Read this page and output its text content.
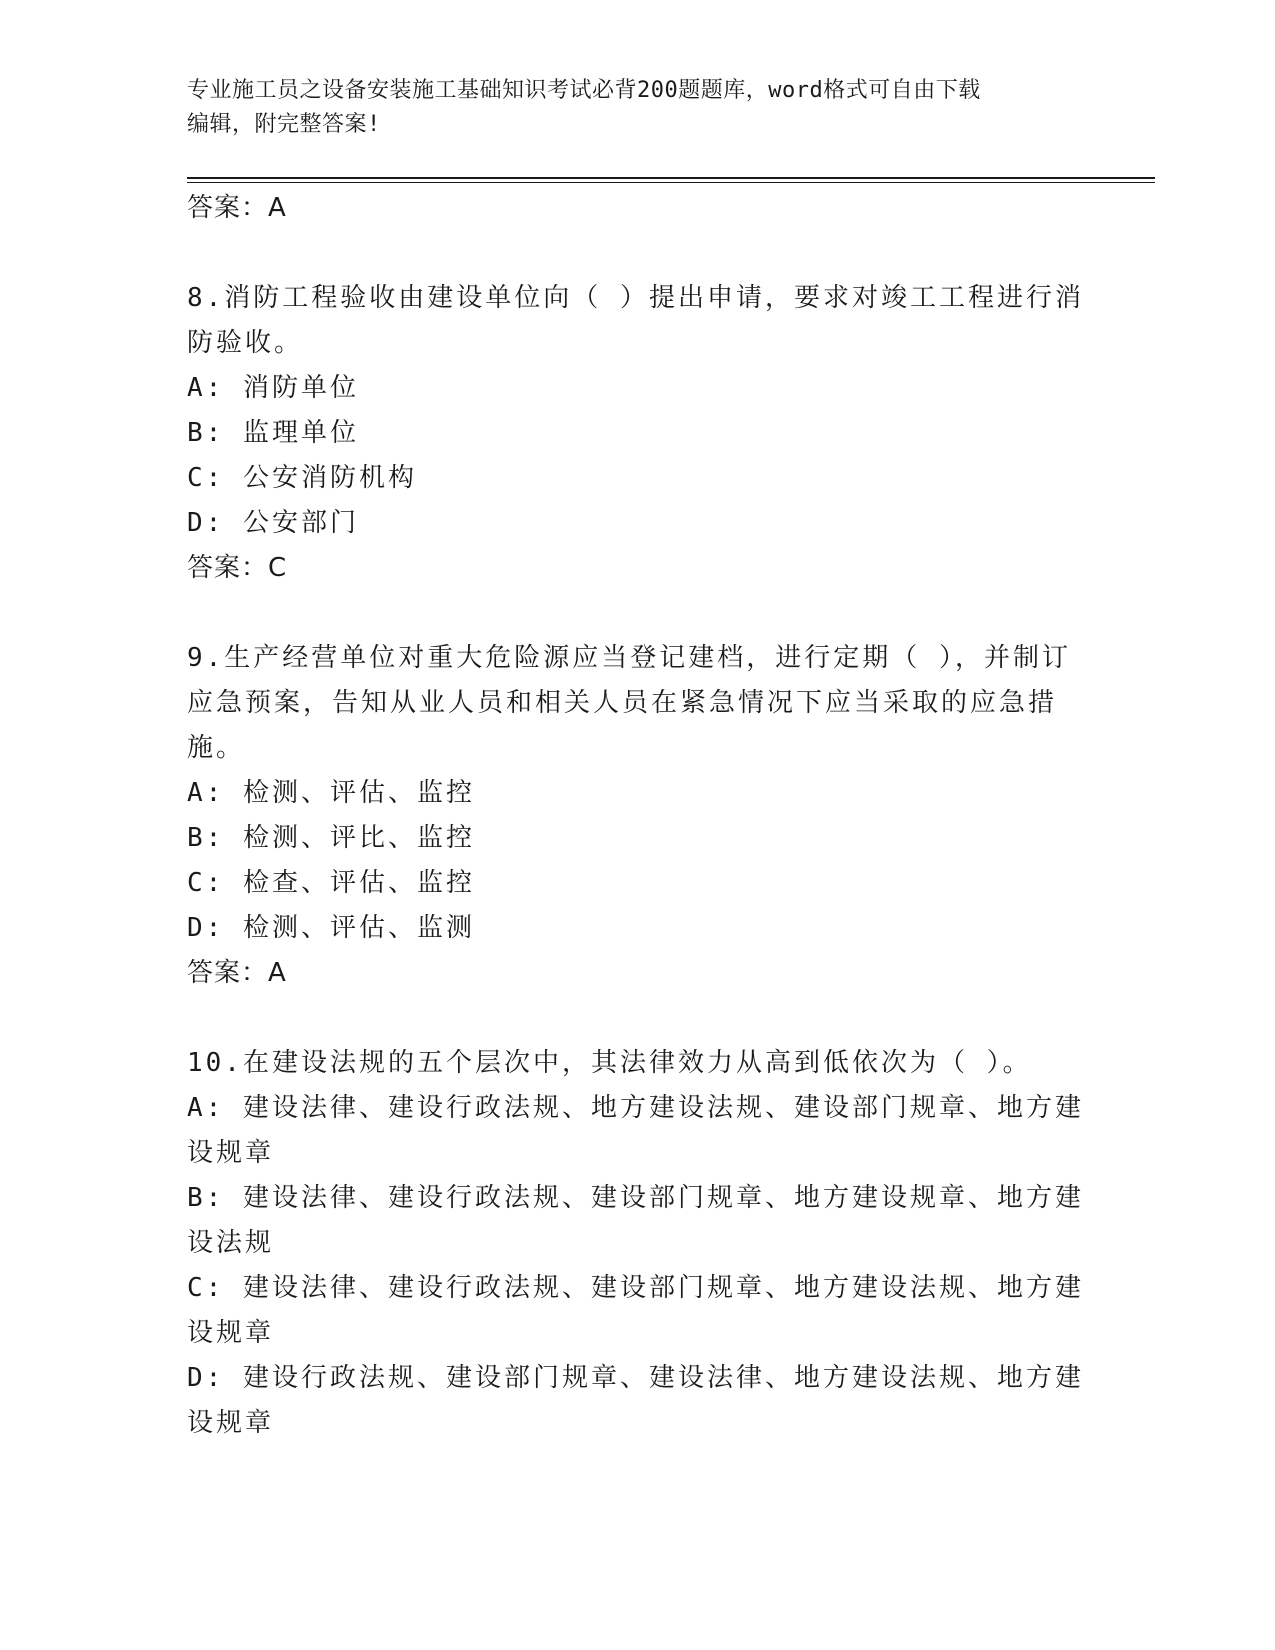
专业施工员之设备安装施工基础知识考试必背200题题库，word格式可自由下载
编辑，附完整答案!
答案：A
8.消防工程验收由建设单位向（ ）提出申请，要求对竣工工程进行消
防验收。
A: 消防单位
B: 监理单位
C: 公安消防机构
D: 公安部门
答案：C
9.生产经营单位对重大危险源应当登记建档，进行定期（ ），并制订
应急预案，告知从业人员和相关人员在紧急情况下应当采取的应急措
施。
A: 检测、评估、监控
B: 检测、评比、监控
C: 检查、评估、监控
D: 检测、评估、监测
答案：A
10.在建设法规的五个层次中，其法律效力从高到低依次为（ ）。
A: 建设法律、建设行政法规、地方建设法规、建设部门规章、地方建
设规章
B: 建设法律、建设行政法规、建设部门规章、地方建设规章、地方建
设法规
C: 建设法律、建设行政法规、建设部门规章、地方建设法规、地方建
设规章
D: 建设行政法规、建设部门规章、建设法律、地方建设法规、地方建
设规章
